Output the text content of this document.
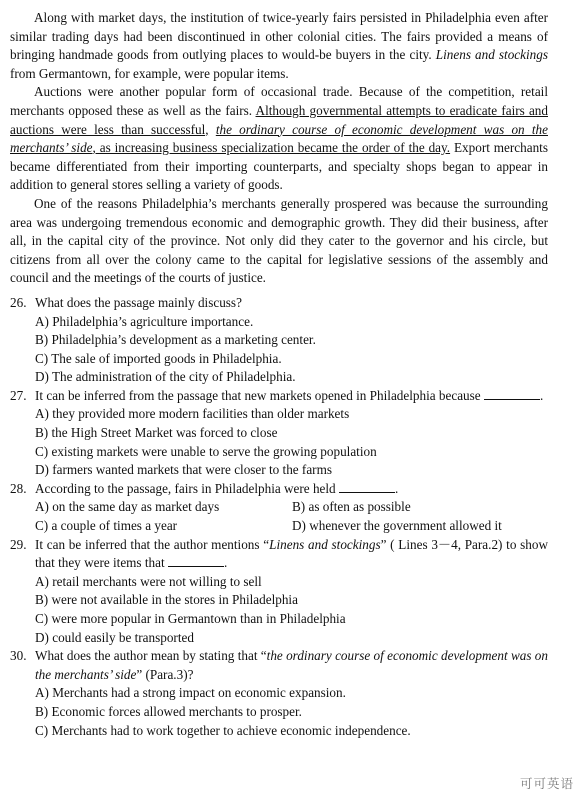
Along with market days, the institution of twice-yearly fairs persisted in Philadelphia even after similar trading days had been discontinued in other colonial cities. The fairs provided a means of bringing handmade goods from outlying places to would-be buyers in the city. Linens and stockings from Germantown, for example, were popular items.

Auctions were another popular form of occasional trade. Because of the competition, retail merchants opposed these as well as the fairs. Although governmental attempts to eradicate fairs and auctions were less than successful, the ordinary course of economic development was on the merchants’ side, as increasing business specialization became the order of the day. Export merchants became differentiated from their importing counterparts, and specialty shops began to appear in addition to general stores selling a variety of goods.

One of the reasons Philadelphia’s merchants generally prospered was because the surrounding area was undergoing tremendous economic and demographic growth. They did their business, after all, in the capital city of the province. Not only did they cater to the governor and his circle, but citizens from all over the colony came to the capital for legislative sessions of the assembly and council and the meetings of the courts of justice.

26. What does the passage mainly discuss?

A) Philadelphia’s agriculture importance.

B) Philadelphia’s development as a marketing center.

C) The sale of imported goods in Philadelphia.

D) The administration of the city of Philadelphia.

27. It can be inferred from the passage that new markets opened in Philadelphia because	.

A) they provided more modern facilities than older markets

B) the High Street Market was forced to close

C) existing markets were unable to serve the growing population

D) farmers wanted markets that were closer to the farms

28. According to the passage, fairs in Philadelphia were held	.

A) on the same day as market days	B) as often as possible
C) a couple of times a year	D) whenever the government allowed it

29. It can be inferred that the author mentions “Linens and stockings” ( Lines 3－4, Para.2) to show that they were items that	.

A) retail merchants were not willing to sell

B) were not available in the stores in Philadelphia

C) were more popular in Germantown than in Philadelphia

D) could easily be transported

30. What does the author mean by stating that “the ordinary course of economic development was on the merchants’ side” (Para.3)?

A) Merchants had a strong impact on economic expansion.

B) Economic forces allowed merchants to prosper.

C) Merchants had to work together to achieve economic independence.

可可英语
